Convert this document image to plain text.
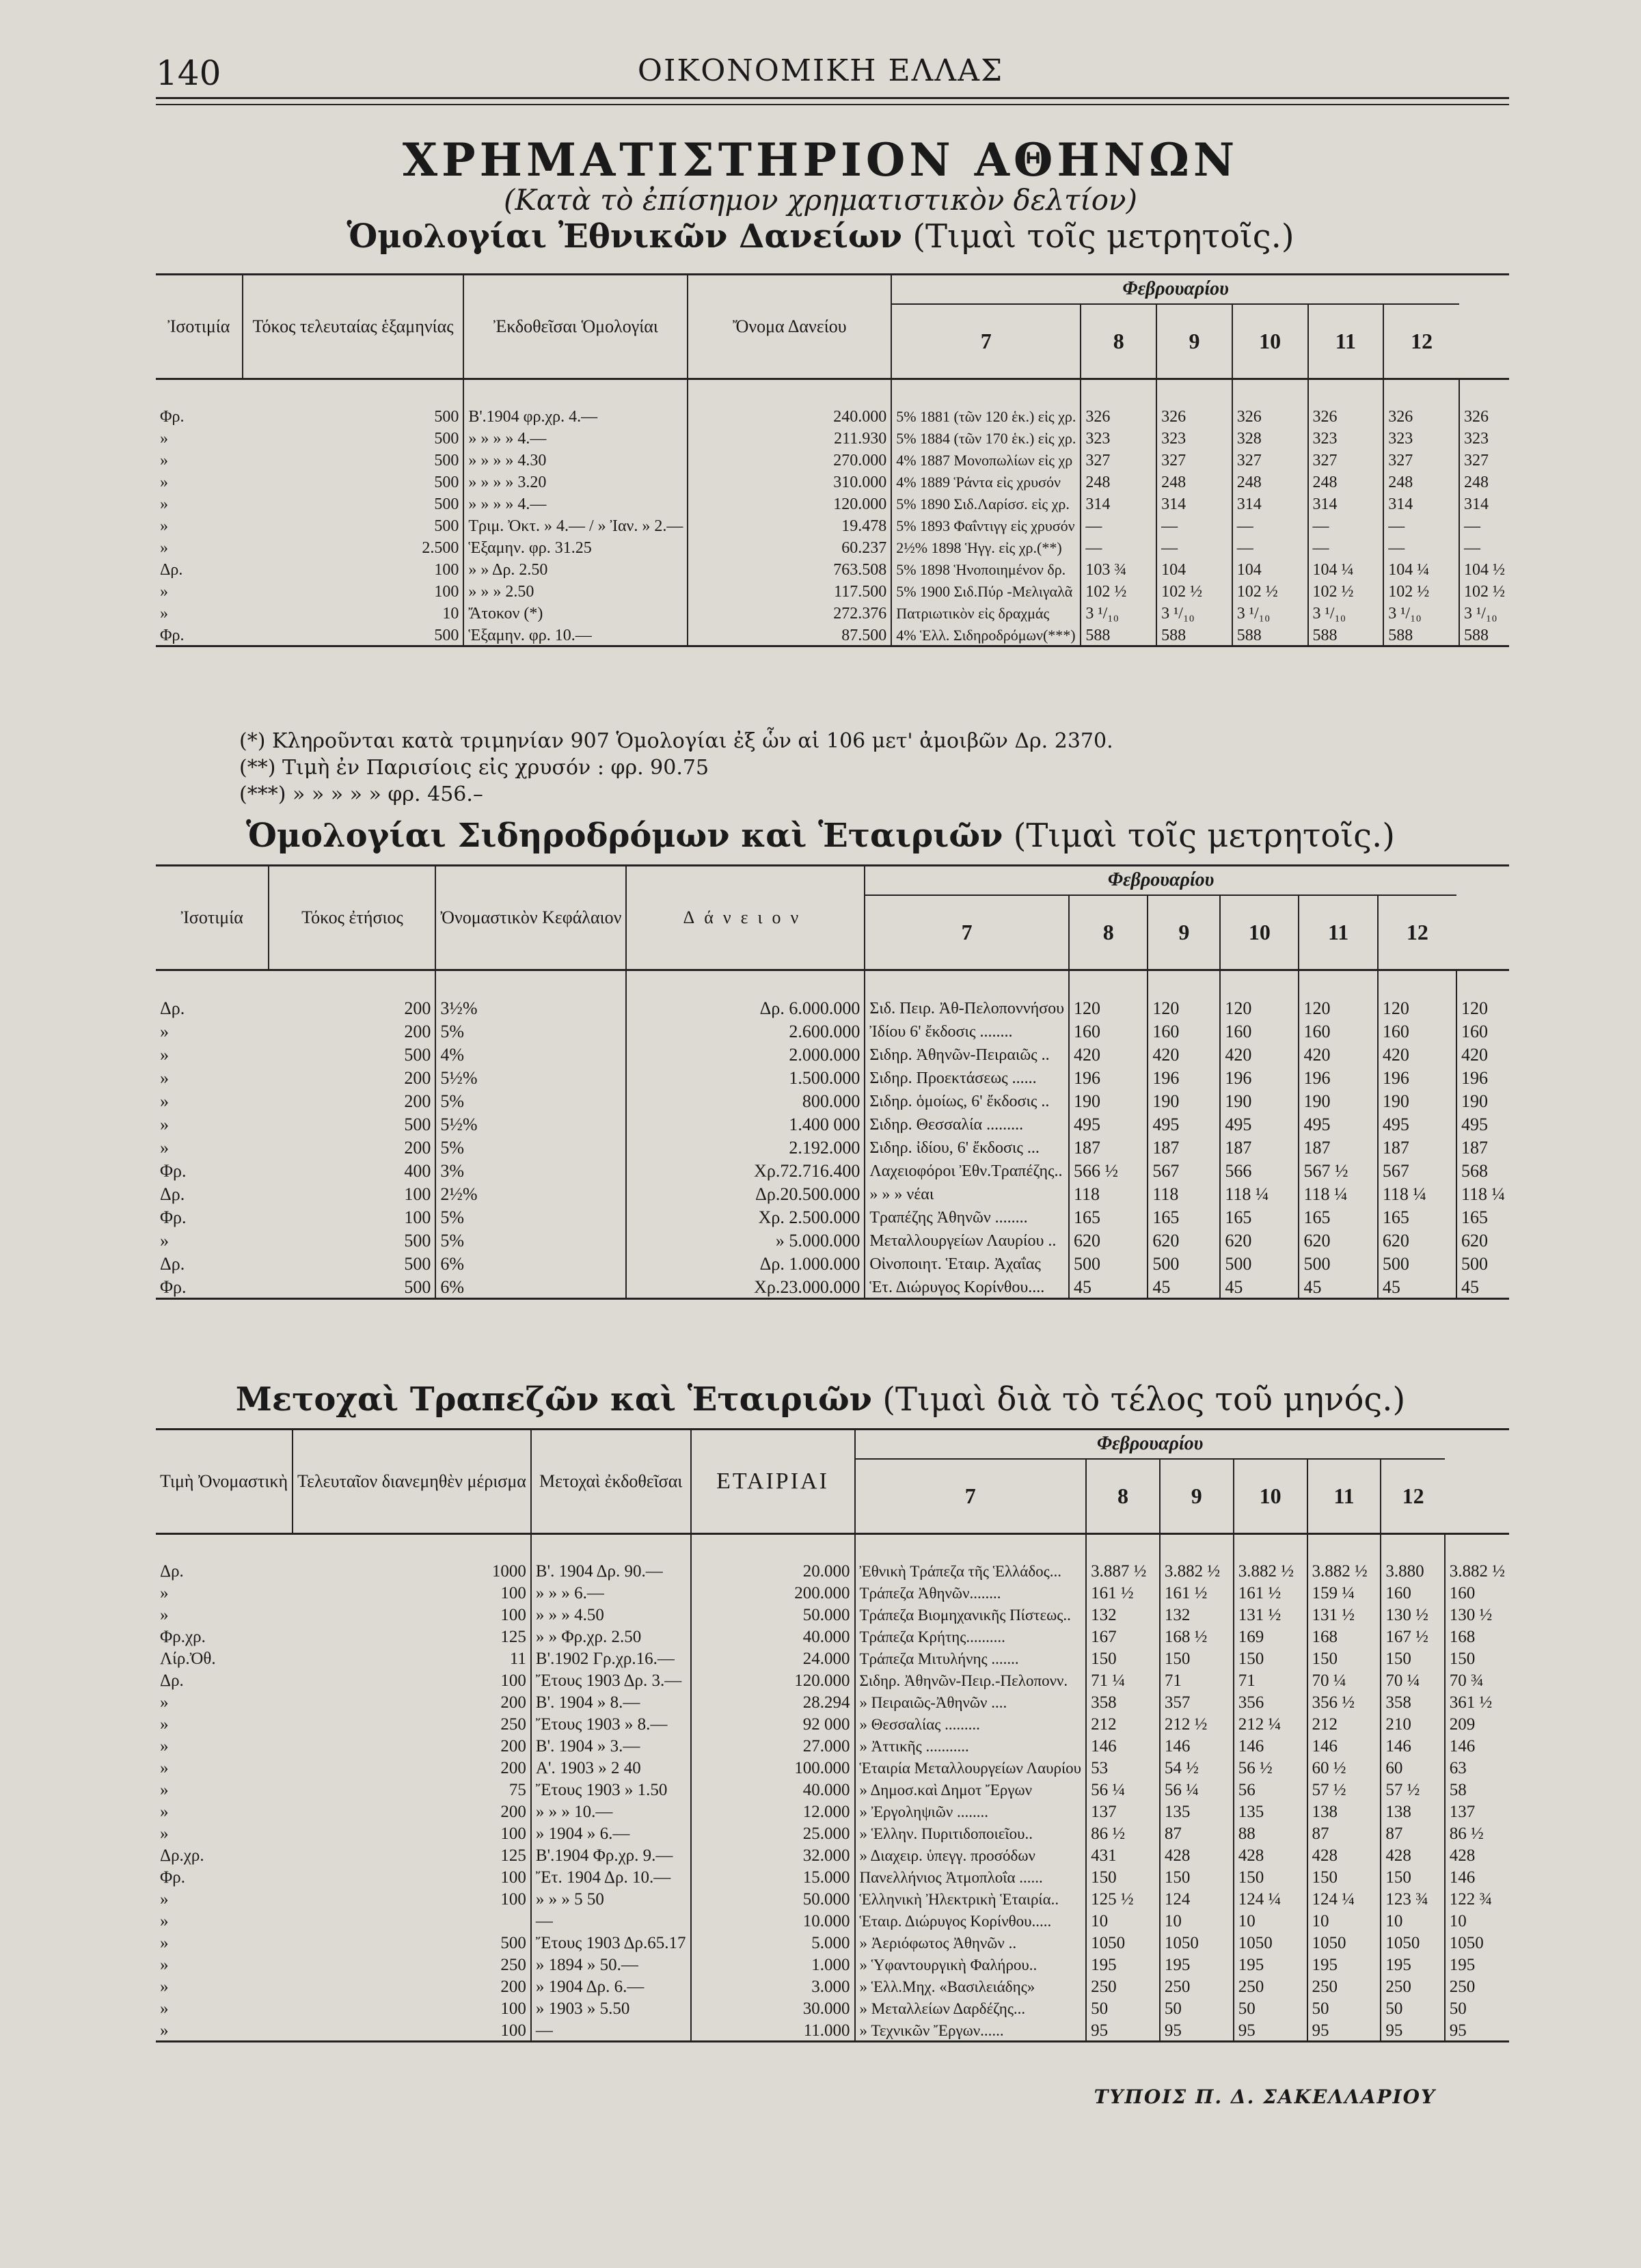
140	ΟΙΚΟΝΟΜΙΚΗ ΕΛΛΑΣ
ΧΡΗΜΑΤΙΣΤΗΡΙΟΝ ΑΘΗΝΩΝ
(Κατὰ τὸ ἐπίσημον χρηματιστικὸν δελτίον)
Ὁμολογίαι Ἐθνικῶν Δανείων (Τιμαὶ τοῖς μετρητοῖς.)
Ἰσοτιμία	Τόκος τελευταίας ἑξαμηνίας	Ἐκδοθεῖσαι Ὁμολογίαι	Ὄνομα Δανείου	Φεβρουαρίου						
				7	8	9	10	11	12	
Φρ.	500	Β'.1904 φρ.χρ. 4.—	240.000	5% 1881 (τῶν 120 ἑκ.) εἰς χρ.	326	326	326	326	326	326
»	500	» » » » 4.—	211.930	5% 1884 (τῶν 170 ἑκ.) εἰς χρ.	323	323	328	323	323	323
»	500	» » » » 4.30	270.000	4% 1887 Μονοπωλίων εἰς χρ	327	327	327	327	327	327
»	500	» » » » 3.20	310.000	4% 1889 Ῥάντα εἰς χρυσόν	248	248	248	248	248	248
»	500	» » » » 4.—	120.000	5% 1890 Σιδ.Λαρίσσ. εἰς χρ.	314	314	314	314	314	314
»	500	Τριμ. Ὀκτ. » 4.— / » Ἰαν. » 2.—	19.478	5% 1893 Φαΐντιγγ εἰς χρυσόν	—	—	—	—	—	—
»	2.500	Ἑξαμην. φρ. 31.25	60.237	2½% 1898 Ἡγγ. εἰς χρ.(**)	—	—	—	—	—	—
Δρ.	100	» » Δρ. 2.50	763.508	5% 1898 Ἡνοποιημένον δρ.	103 ¾	104	104	104 ¼	104 ¼	104 ½
»	100	» » » 2.50	117.500	5% 1900 Σιδ.Πύρ -Μελιγαλᾶ	102 ½	102 ½	102 ½	102 ½	102 ½	102 ½
»	10	Ἄτοκον (*)	272.376	Πατριωτικὸν εἰς δραχμάς	3 ¹/₁₀	3 ¹/₁₀	3 ¹/₁₀	3 ¹/₁₀	3 ¹/₁₀	3 ¹/₁₀
Φρ.	500	Ἑξαμην. φρ. 10.—	87.500	4% Ἑλλ. Σιδηροδρόμων(***)	588	588	588	588	588	588
(*) Κληροῦνται κατὰ τριμηνίαν 907 Ὁμολογίαι ἐξ ὧν αἱ 106 μετ' ἀμοιβῶν Δρ. 2370.
(**) Τιμὴ ἐν Παρισίοις εἰς χρυσόν : φρ. 90.75
(***) » » » » » φρ. 456.–
Ὁμολογίαι Σιδηροδρόμων καὶ Ἑταιριῶν (Τιμαὶ τοῖς μετρητοῖς.)
Ἰσοτιμία	Τόκος ἐτήσιος	Ὀνομαστικὸν Κεφάλαιον	Δάνειον	Φεβρουαρίου						
				7	8	9	10	11	12	
Δρ.	200	3½%	Δρ. 6.000.000	Σιδ. Πειρ. Ἀθ-Πελοποννήσου	120	120	120	120	120	120
»	200	5%	2.600.000	Ἰδίου 6' ἔκδοσις ........	160	160	160	160	160	160
»	500	4%	2.000.000	Σιδηρ. Ἀθηνῶν-Πειραιῶς ..	420	420	420	420	420	420
»	200	5½%	1.500.000	Σιδηρ. Προεκτάσεως ......	196	196	196	196	196	196
»	200	5%	800.000	Σιδηρ. ὁμοίως, 6' ἔκδοσις ..	190	190	190	190	190	190
»	500	5½%	1.400 000	Σιδηρ. Θεσσαλία .........	495	495	495	495	495	495
»	200	5%	2.192.000	Σιδηρ. ἰδίου, 6' ἔκδοσις ...	187	187	187	187	187	187
Φρ.	400	3%	Χρ.72.716.400	Λαχειοφόροι Ἐθν.Τραπέζης..	566 ½	567	566	567 ½	567	568
Δρ.	100	2½%	Δρ.20.500.000	» » » νέαι	118	118	118 ¼	118 ¼	118 ¼	118 ¼
Φρ.	100	5%	Χρ. 2.500.000	Τραπέζης Ἀθηνῶν ........	165	165	165	165	165	165
»	500	5%	» 5.000.000	Μεταλλουργείων Λαυρίου ..	620	620	620	620	620	620
Δρ.	500	6%	Δρ. 1.000.000	Οἰνοποιητ. Ἑταιρ. Ἀχαΐας	500	500	500	500	500	500
Φρ.	500	6%	Χρ.23.000.000	Ἑτ. Διώρυγος Κορίνθου....	45	45	45	45	45	45
Μετοχαὶ Τραπεζῶν καὶ Ἑταιριῶν (Τιμαὶ διὰ τὸ τέλος τοῦ μηνός.)
Τιμὴ Ὀνομαστικὴ	Τελευταῖον διανεμηθὲν μέρισμα	Μετοχαὶ ἐκδοθεῖσαι	ΕΤΑΙΡΙΑΙ	Φεβρουαρίου						
				7	8	9	10	11	12	
Δρ.	1000	Β'. 1904 Δρ. 90.—	20.000	Ἐθνικὴ Τράπεζα τῆς Ἑλλάδος...	3.887 ½	3.882 ½	3.882 ½	3.882 ½	3.880	3.882 ½
»	100	» » » 6.—	200.000	Τράπεζα Ἀθηνῶν........	161 ½	161 ½	161 ½	159 ¼	160	160
»	100	» » » 4.50	50.000	Τράπεζα Βιομηχανικῆς Πίστεως..	132	132	131 ½	131 ½	130 ½	130 ½
Φρ.χρ.	125	» » Φρ.χρ. 2.50	40.000	Τράπεζα Κρήτης..........	167	168 ½	169	168	167 ½	168
Λίρ.Ὀθ.	11	Β'.1902 Γρ.χρ.16.—	24.000	Τράπεζα Μιτυλήνης .......	150	150	150	150	150	150
Δρ.	100	Ἔτους 1903 Δρ. 3.—	120.000	Σιδηρ. Ἀθηνῶν-Πειρ.-Πελοπονν.	71 ¼	71	71	70 ¼	70 ¼	70 ¾
»	200	Β'. 1904 » 8.—	28.294	» Πειραιῶς-Ἀθηνῶν ....	358	357	356	356 ½	358	361 ½
»	250	Ἔτους 1903 » 8.—	92 000	» Θεσσαλίας .........	212	212 ½	212 ¼	212	210	209
»	200	Β'. 1904 » 3.—	27.000	» Ἀττικῆς ...........	146	146	146	146	146	146
»	200	Α'. 1903 » 2 40	100.000	Ἑταιρία Μεταλλουργείων Λαυρίου	53	54 ½	56 ½	60 ½	60	63
»	75	Ἔτους 1903 » 1.50	40.000	» Δημοσ.καὶ Δημοτ Ἔργων	56 ¼	56 ¼	56	57 ½	57 ½	58
»	200	» » » 10.—	12.000	» Ἐργοληψιῶν ........	137	135	135	138	138	137
»	100	» 1904 » 6.—	25.000	» Ἑλλην. Πυριτιδοποιεῖου..	86 ½	87	88	87	87	86 ½
Δρ.χρ.	125	Β'.1904 Φρ.χρ. 9.—	32.000	» Διαχειρ. ὑπεγγ. προσόδων	431	428	428	428	428	428
Φρ.	100	Ἔτ. 1904 Δρ. 10.—	15.000	Πανελλήνιος Ἀτμοπλοΐα ......	150	150	150	150	150	146
»	100	» » » 5 50	50.000	Ἑλληνικὴ Ἠλεκτρικὴ Ἑταιρία..	125 ½	124	124 ¼	124 ¼	123 ¾	122 ¾
»		—	10.000	Ἑταιρ. Διώρυγος Κορίνθου.....	10	10	10	10	10	10
»	500	Ἔτους 1903 Δρ.65.17	5.000	» Ἀεριόφωτος Ἀθηνῶν ..	1050	1050	1050	1050	1050	1050
»	250	» 1894 » 50.—	1.000	» Ὑφαντουργικὴ Φαλήρου..	195	195	195	195	195	195
»	200	» 1904 Δρ. 6.—	3.000	» Ἑλλ.Μηχ. «Βασιλειάδης»	250	250	250	250	250	250
»	100	» 1903 » 5.50	30.000	» Μεταλλείων Δαρδέζης...	50	50	50	50	50	50
»	100	—	11.000	» Τεχνικῶν Ἔργων......	95	95	95	95	95	95
ΤΥΠΟΙΣ Π. Δ. ΣΑΚΕΛΛΑΡΙΟΥ
